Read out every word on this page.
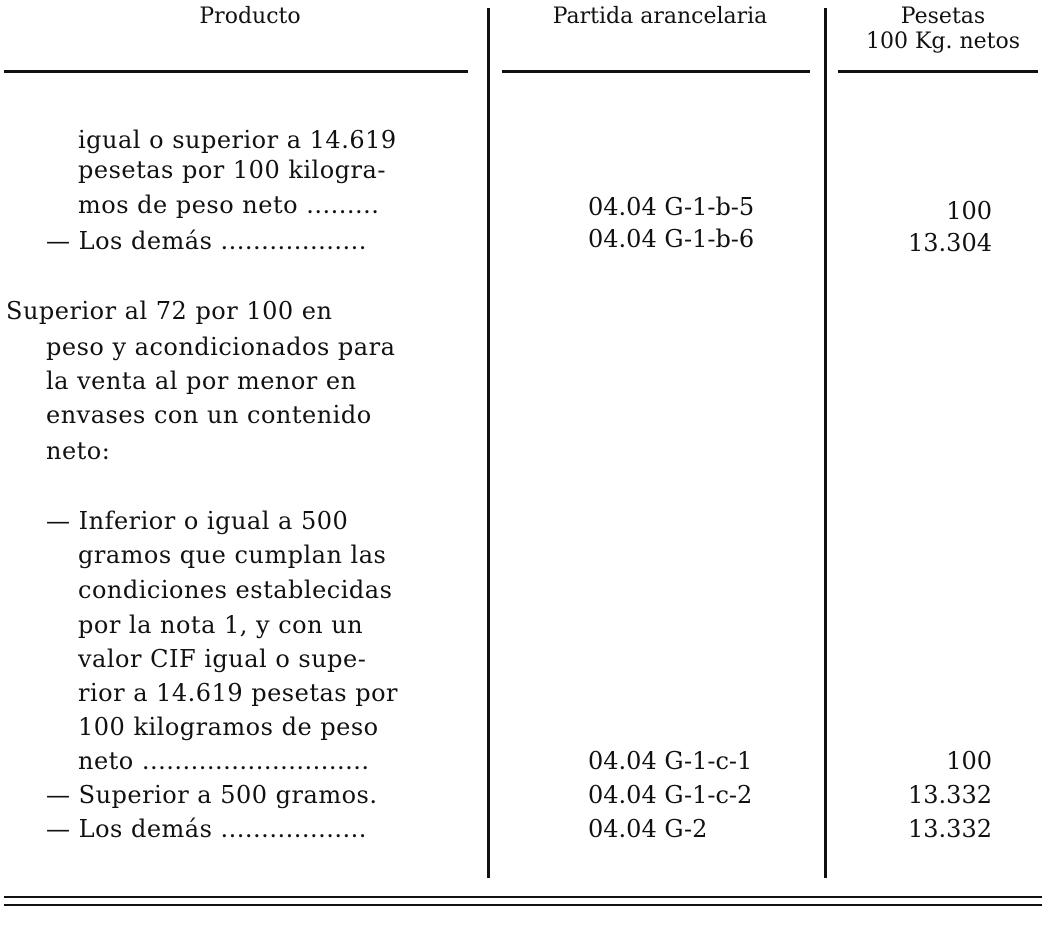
Producto	Partida arancelaria	Pesetas
100 Kg. netos
igual o superior a 14.619
pesetas por 100 kilogra-
mos de peso neto .........	04.04 G-1-b-5	100
— Los demás ..................	04.04 G-1-b-6	13.304
Superior al 72 por 100 en
peso y acondicionados para
la venta al por menor en
envases con un contenido
neto:
— Inferior o igual a 500
gramos que cumplan las
condiciones establecidas
por la nota 1, y con un
valor CIF igual o supe-
rior a 14.619 pesetas por
100 kilogramos de peso
neto ............................	04.04 G-1-c-1	100
— Superior a 500 gramos.	04.04 G-1-c-2	13.332
— Los demás ..................	04.04 G-2	13.332
